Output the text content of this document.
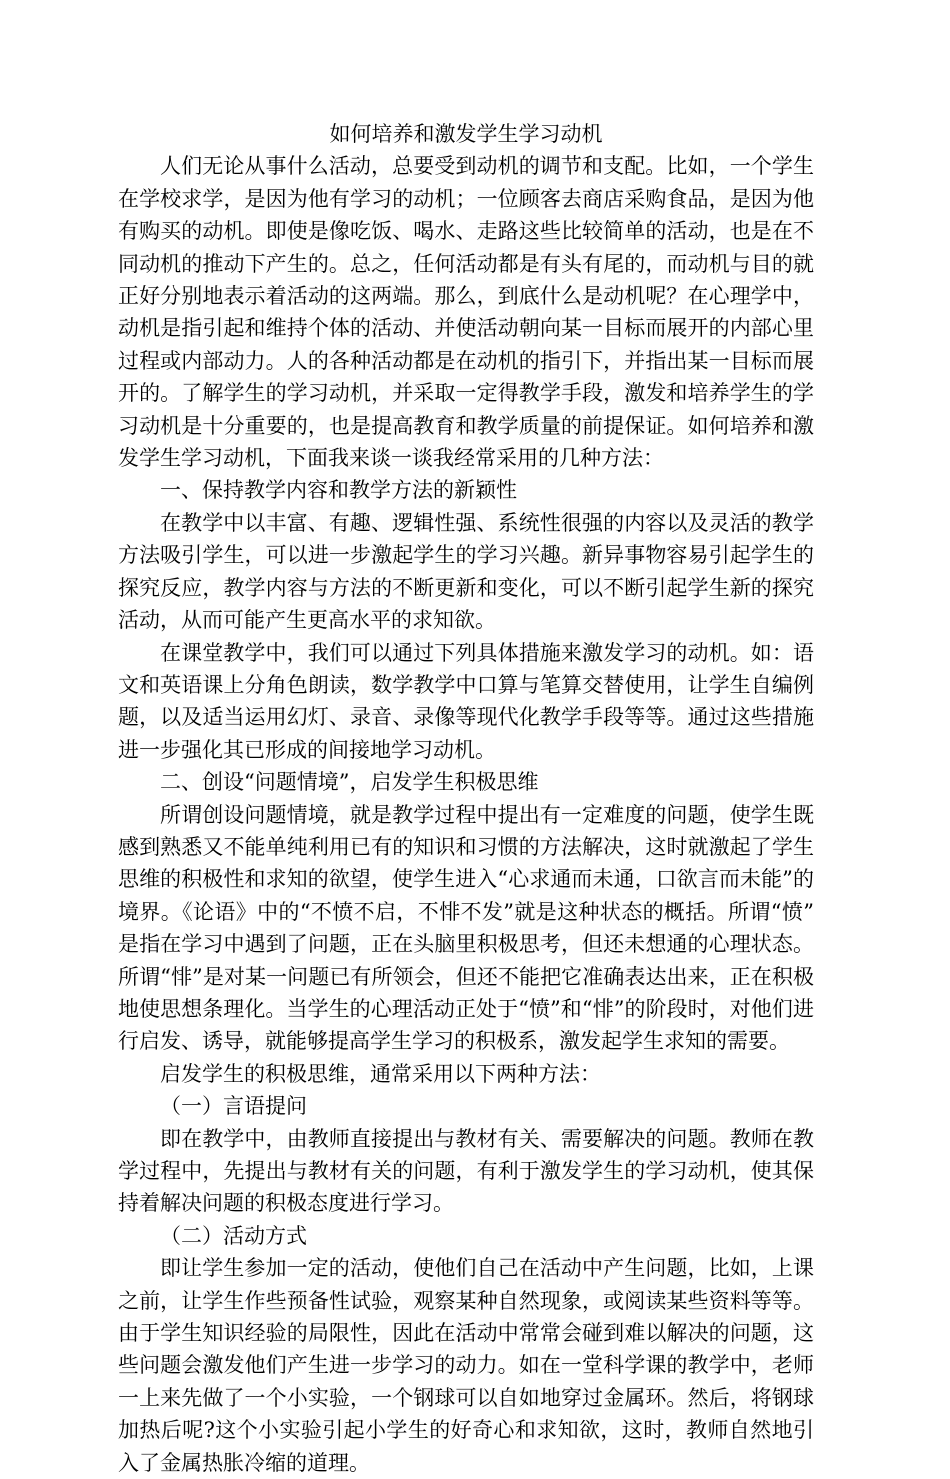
如何培养和激发学生学习动机

人们无论从事什么活动，总要受到动机的调节和支配。比如，一个学生在学校求学，是因为他有学习的动机；一位顾客去商店采购食品，是因为他有购买的动机。即使是像吃饭、喝水、走路这些比较简单的活动，也是在不同动机的推动下产生的。总之，任何活动都是有头有尾的，而动机与目的就正好分别地表示着活动的这两端。那么，到底什么是动机呢？在心理学中，动机是指引起和维持个体的活动、并使活动朝向某一目标而展开的内部心里过程或内部动力。人的各种活动都是在动机的指引下，并指出某一目标而展开的。了解学生的学习动机，并采取一定得教学手段，激发和培养学生的学习动机是十分重要的，也是提高教育和教学质量的前提保证。如何培养和激发学生学习动机，下面我来谈一谈我经常采用的几种方法：

一、保持教学内容和教学方法的新颖性

在教学中以丰富、有趣、逻辑性强、系统性很强的内容以及灵活的教学方法吸引学生，可以进一步激起学生的学习兴趣。新异事物容易引起学生的探究反应，教学内容与方法的不断更新和变化，可以不断引起学生新的探究活动，从而可能产生更高水平的求知欲。

在课堂教学中，我们可以通过下列具体措施来激发学习的动机。如：语文和英语课上分角色朗读，数学教学中口算与笔算交替使用，让学生自编例题，以及适当运用幻灯、录音、录像等现代化教学手段等等。通过这些措施进一步强化其已形成的间接地学习动机。

二、创设“问题情境”，启发学生积极思维

所谓创设问题情境，就是教学过程中提出有一定难度的问题，使学生既感到熟悉又不能单纯利用已有的知识和习惯的方法解决，这时就激起了学生思维的积极性和求知的欲望，使学生进入“心求通而未通，口欲言而未能”的境界。《论语》中的“不愤不启，不悱不发”就是这种状态的概括。所谓“愤”是指在学习中遇到了问题，正在头脑里积极思考，但还未想通的心理状态。所谓“悱”是对某一问题已有所领会，但还不能把它准确表达出来，正在积极地使思想条理化。当学生的心理活动正处于“愤”和“悱”的阶段时，对他们进行启发、诱导，就能够提高学生学习的积极系，激发起学生求知的需要。

启发学生的积极思维，通常采用以下两种方法：

（一）言语提问

即在教学中，由教师直接提出与教材有关、需要解决的问题。教师在教学过程中，先提出与教材有关的问题，有利于激发学生的学习动机，使其保持着解决问题的积极态度进行学习。

（二）活动方式

即让学生参加一定的活动，使他们自己在活动中产生问题，比如，上课之前，让学生作些预备性试验，观察某种自然现象，或阅读某些资料等等。由于学生知识经验的局限性，因此在活动中常常会碰到难以解决的问题，这些问题会激发他们产生进一步学习的动力。如在一堂科学课的教学中，老师一上来先做了一个小实验，一个钢球可以自如地穿过金属环。然后，将钢球加热后呢?这个小实验引起小学生的好奇心和求知欲，这时，教师自然地引入了金属热胀冷缩的道理。
